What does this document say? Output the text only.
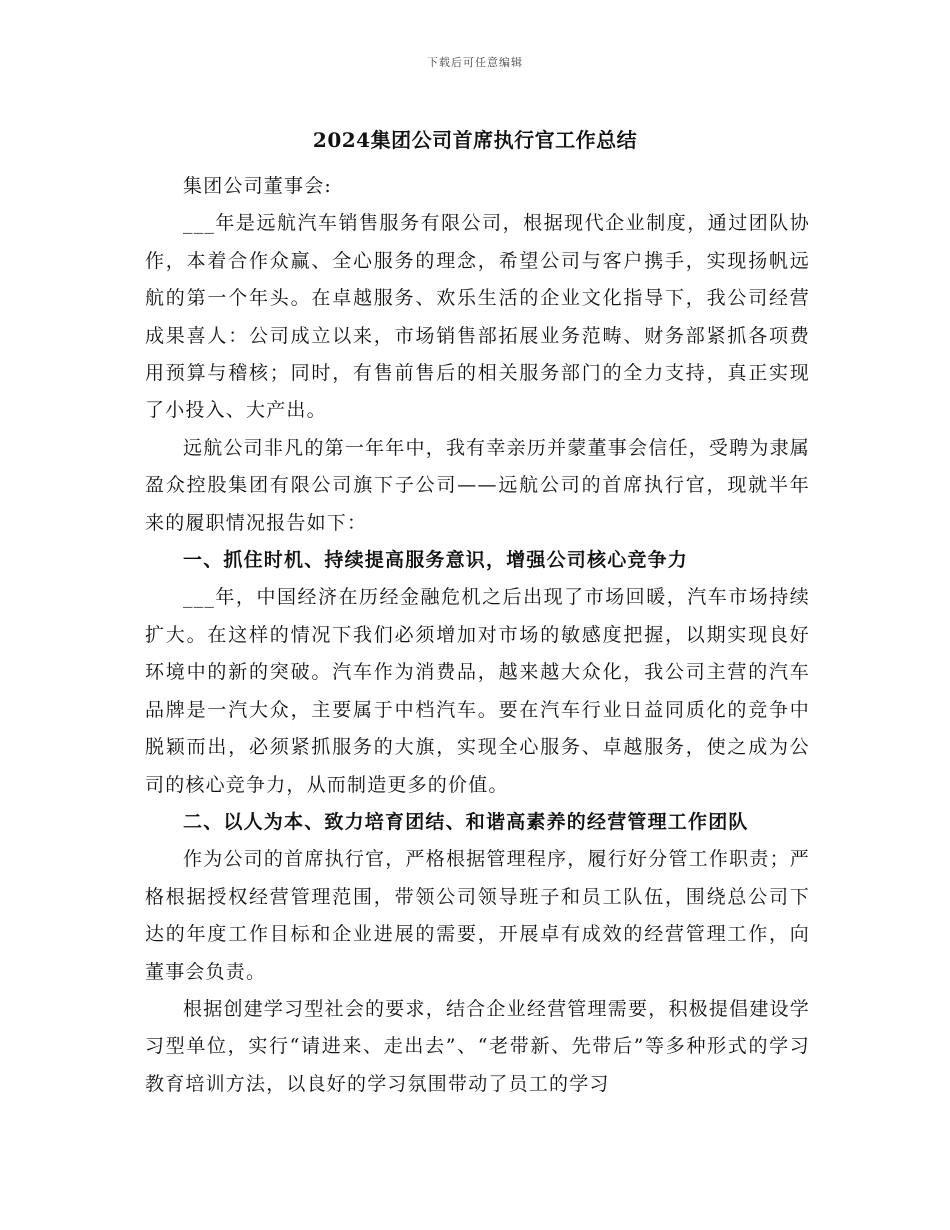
下载后可任意编辑
2024集团公司首席执行官工作总结

集团公司董事会:

___年是远航汽车销售服务有限公司，根据现代企业制度，通过团队协作，本着合作众赢、全心服务的理念，希望公司与客户携手，实现扬帆远航的第一个年头。在卓越服务、欢乐生活的企业文化指导下，我公司经营成果喜人：公司成立以来，市场销售部拓展业务范畴、财务部紧抓各项费用预算与稽核；同时，有售前售后的相关服务部门的全力支持，真正实现了小投入、大产出。

远航公司非凡的第一年年中，我有幸亲历并蒙董事会信任，受聘为隶属盈众控股集团有限公司旗下子公司——远航公司的首席执行官，现就半年来的履职情况报告如下：

一、抓住时机、持续提高服务意识，增强公司核心竞争力

___年，中国经济在历经金融危机之后出现了市场回暖，汽车市场持续扩大。在这样的情况下我们必须增加对市场的敏感度把握，以期实现良好环境中的新的突破。汽车作为消费品，越来越大众化，我公司主营的汽车品牌是一汽大众，主要属于中档汽车。要在汽车行业日益同质化的竞争中脱颖而出，必须紧抓服务的大旗，实现全心服务、卓越服务，使之成为公司的核心竞争力，从而制造更多的价值。

二、以人为本、致力培育团结、和谐高素养的经营管理工作团队

作为公司的首席执行官，严格根据管理程序，履行好分管工作职责；严格根据授权经营管理范围，带领公司领导班子和员工队伍，围绕总公司下达的年度工作目标和企业进展的需要，开展卓有成效的经营管理工作，向董事会负责。

根据创建学习型社会的要求，结合企业经营管理需要，积极提倡建设学习型单位，实行“请进来、走出去”、“老带新、先带后”等多种形式的学习教育培训方法，以良好的学习氛围带动了员工的学习
